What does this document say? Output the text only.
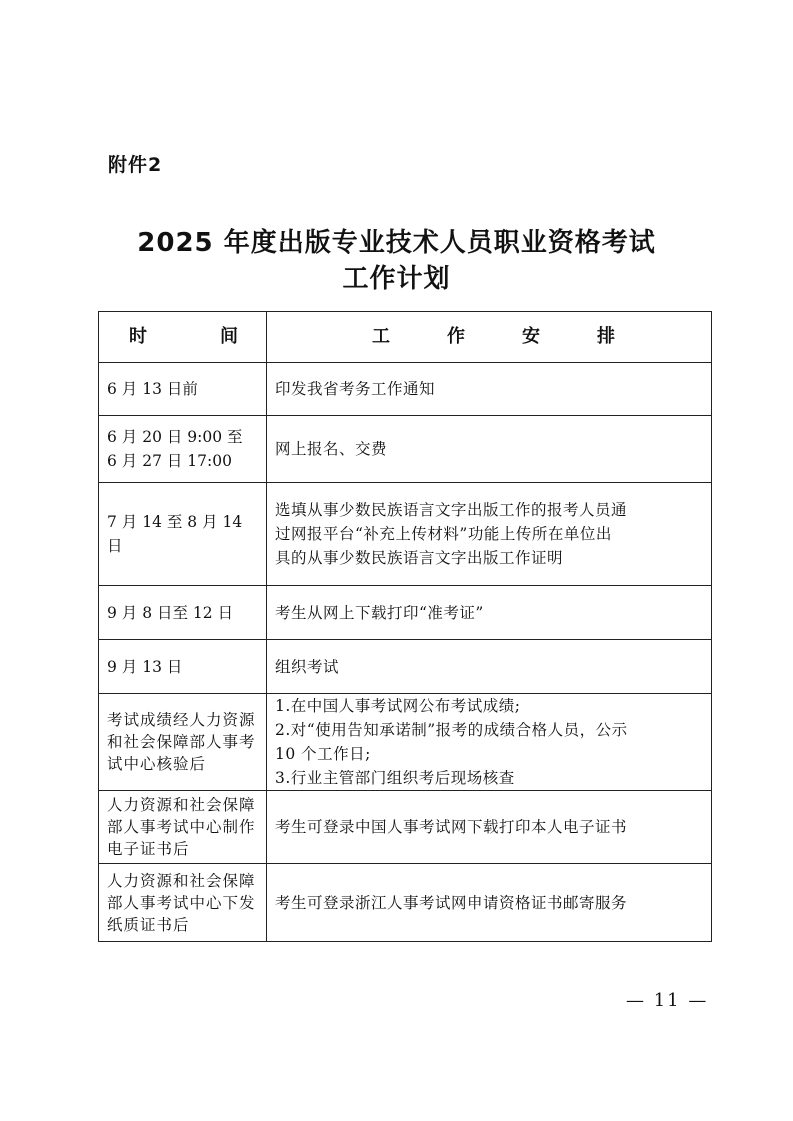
附件2
2025 年度出版专业技术人员职业资格考试
工作计划
时 间	工 作 安 排

6 月 13 日前	印发我省考务工作通知

6 月 20 日 9:00 至
6 月 27 日 17:00	网上报名、交费

7 月 14 至 8 月 14 日	选填从事少数民族语言文字出版工作的报考人员通
过网报平台“补充上传材料”功能上传所在单位出
具的从事少数民族语言文字出版工作证明

9 月 8 日至 12 日	考生从网上下载打印“准考证”

9 月 13 日	组织考试

考试成绩经人力资源
和社会保障部人事考
试中心核验后	1.在中国人事考试网公布考试成绩;
2.对“使用告知承诺制”报考的成绩合格人员，公示
10 个工作日;
3.行业主管部门组织考后现场核查

人力资源和社会保障
部人事考试中心制作
电子证书后	考生可登录中国人事考试网下载打印本人电子证书

人力资源和社会保障
部人事考试中心下发
纸质证书后	考生可登录浙江人事考试网申请资格证书邮寄服务
— 11 —
